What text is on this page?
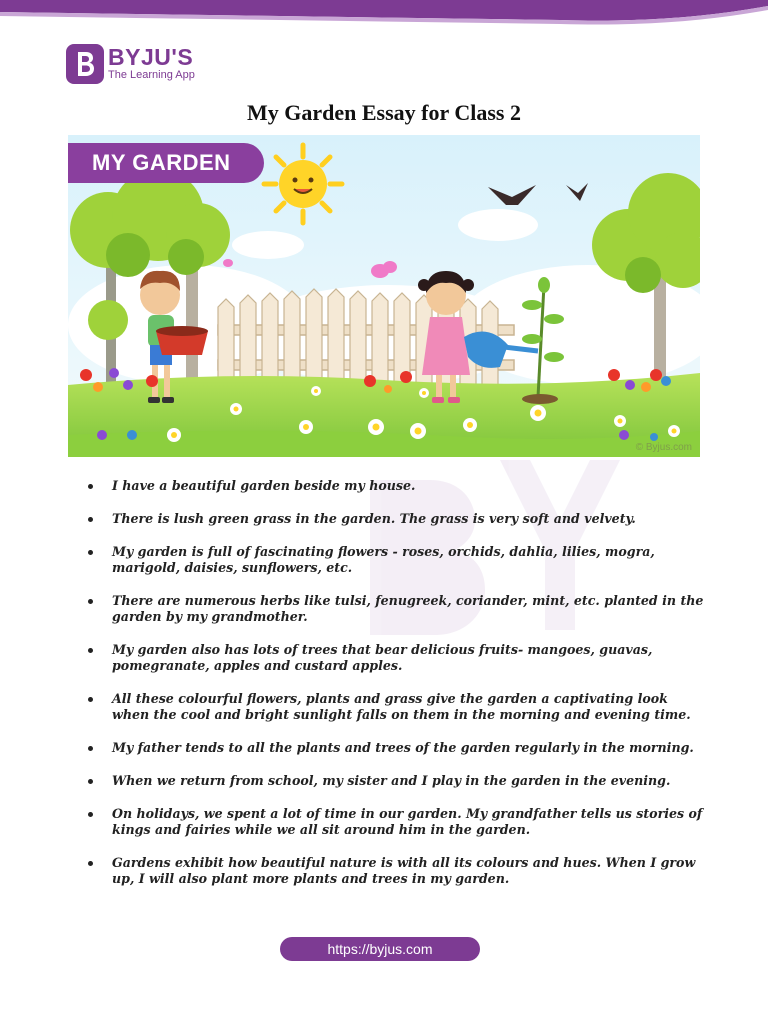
BYJU'S
The Learning App
My Garden Essay for Class 2
MY GARDEN
© Byjus.com
I have a beautiful garden beside my house.
There is lush green grass in the garden. The grass is very soft and velvety.
My garden is full of fascinating flowers - roses, orchids, dahlia, lilies, mogra, marigold, daisies, sunflowers, etc.
There are numerous herbs like tulsi, fenugreek, coriander, mint, etc. planted in the garden by my grandmother.
My garden also has lots of trees that bear delicious fruits- mangoes, guavas, pomegranate, apples and custard apples.
All these colourful flowers, plants and grass give the garden a captivating look when the cool and bright sunlight falls on them in the morning and evening time.
My father tends to all the plants and trees of the garden regularly in the morning.
When we return from school, my sister and I play in the garden in the evening.
On holidays, we spent a lot of time in our garden. My grandfather tells us stories of kings and fairies while we all sit around him in the garden.
Gardens exhibit how beautiful nature is with all its colours and hues. When I grow up, I will also plant more plants and trees in my garden.
https://byjus.com
